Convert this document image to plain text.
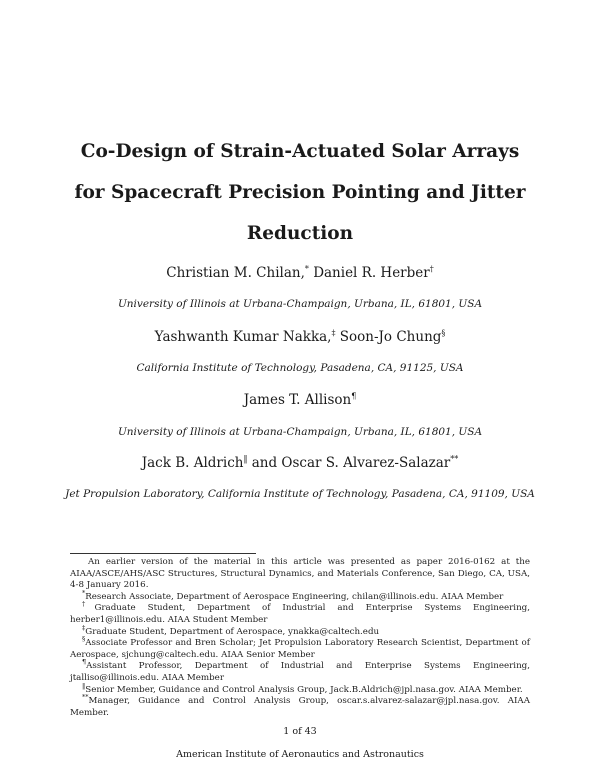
Co-Design of Strain-Actuated Solar Arrays
for Spacecraft Precision Pointing and Jitter
Reduction
Christian M. Chilan,* Daniel R. Herber†
University of Illinois at Urbana-Champaign, Urbana, IL, 61801, USA
Yashwanth Kumar Nakka,‡ Soon-Jo Chung§
California Institute of Technology, Pasadena, CA, 91125, USA
James T. Allison¶
University of Illinois at Urbana-Champaign, Urbana, IL, 61801, USA
Jack B. Aldrich‖ and Oscar S. Alvarez-Salazar**
Jet Propulsion Laboratory, California Institute of Technology, Pasadena, CA, 91109, USA

An earlier version of the material in this article was presented as paper 2016-0162 at the AIAA/ASCE/AHS/ASC Structures, Structural Dynamics, and Materials Conference, San Diego, CA, USA, 4-8 January 2016.

*Research Associate, Department of Aerospace Engineering, chilan@illinois.edu. AIAA Member

†Graduate Student, Department of Industrial and Enterprise Systems Engineering, herber1@illinois.edu. AIAA Student Member

‡Graduate Student, Department of Aerospace, ynakka@caltech.edu

§Associate Professor and Bren Scholar; Jet Propulsion Laboratory Research Scientist, Department of Aerospace, sjchung@caltech.edu. AIAA Senior Member

¶Assistant Professor, Department of Industrial and Enterprise Systems Engineering, jtalliso@illinois.edu. AIAA Member

‖Senior Member, Guidance and Control Analysis Group, Jack.B.Aldrich@jpl.nasa.gov. AIAA Member.

**Manager, Guidance and Control Analysis Group, oscar.s.alvarez-salazar@jpl.nasa.gov. AIAA Member.

1 of 43
American Institute of Aeronautics and Astronautics
